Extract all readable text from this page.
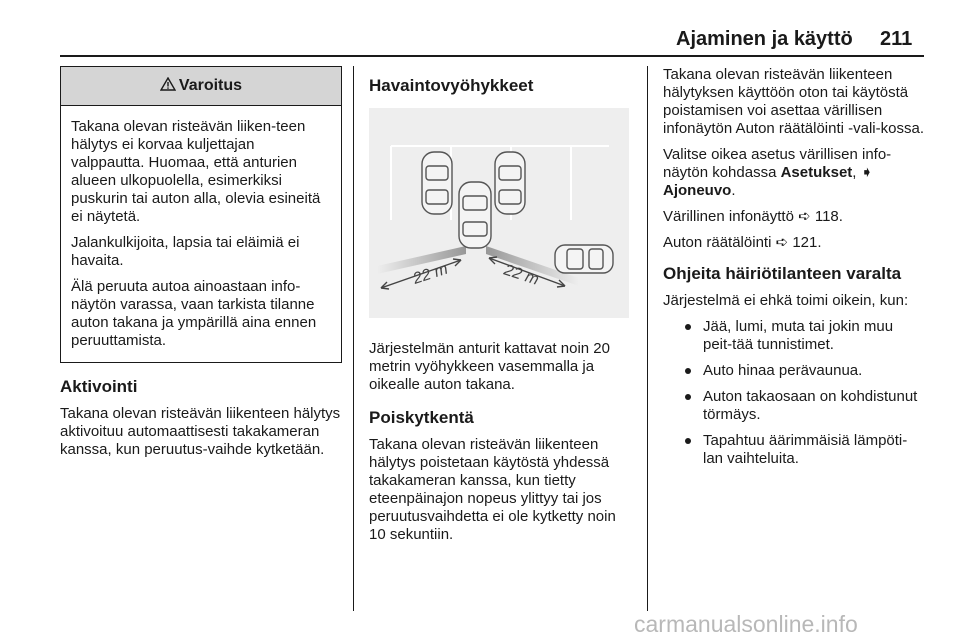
Ajaminen ja käyttö 211
Varoitus

Takana olevan risteävän liiken-teen hälytys ei korvaa kuljettajan valppautta. Huomaa, että anturien alueen ulkopuolella, esimerkiksi puskurin tai auton alla, olevia esineitä ei näytetä.

Jalankulkijoita, lapsia tai eläimiä ei havaita.

Älä peruuta autoa ainoastaan info-näytön varassa, vaan tarkista tilanne auton takana ja ympärillä aina ennen peruuttamista.

Aktivointi

Takana olevan risteävän liikenteen hälytys aktivoituu automaattisesti takakameran kanssa, kun peruutus-vaihde kytketään.

Havaintovyöhykkeet
22 m	22 m

Järjestelmän anturit kattavat noin 20 metrin vyöhykkeen vasemmalla ja oikealle auton takana.

Poiskytkentä

Takana olevan risteävän liikenteen hälytys poistetaan käytöstä yhdessä takakameran kanssa, kun tietty eteenpäinajon nopeus ylittyy tai jos peruutusvaihdetta ei ole kytketty noin 10 sekuntiin.

Takana olevan risteävän liikenteen hälytyksen käyttöön oton tai käytöstä poistamisen voi asettaa värillisen infonäytön Auton räätälöinti -vali-kossa.

Valitse oikea asetus värillisen info-näytön kohdassa Asetukset, ➧
Ajoneuvo.

Värillinen infonäyttö ➪ 118.

Auton räätälöinti ➪ 121.

Ohjeita häiriötilanteen varalta

Järjestelmä ei ehkä toimi oikein, kun:

Jää, lumi, muta tai jokin muu peit-tää tunnistimet.
Auto hinaa perävaunua.
Auton takaosaan on kohdistunut törmäys.
Tapahtuu äärimmäisiä lämpöti-lan vaihteluita.
carmanualsonline.info
